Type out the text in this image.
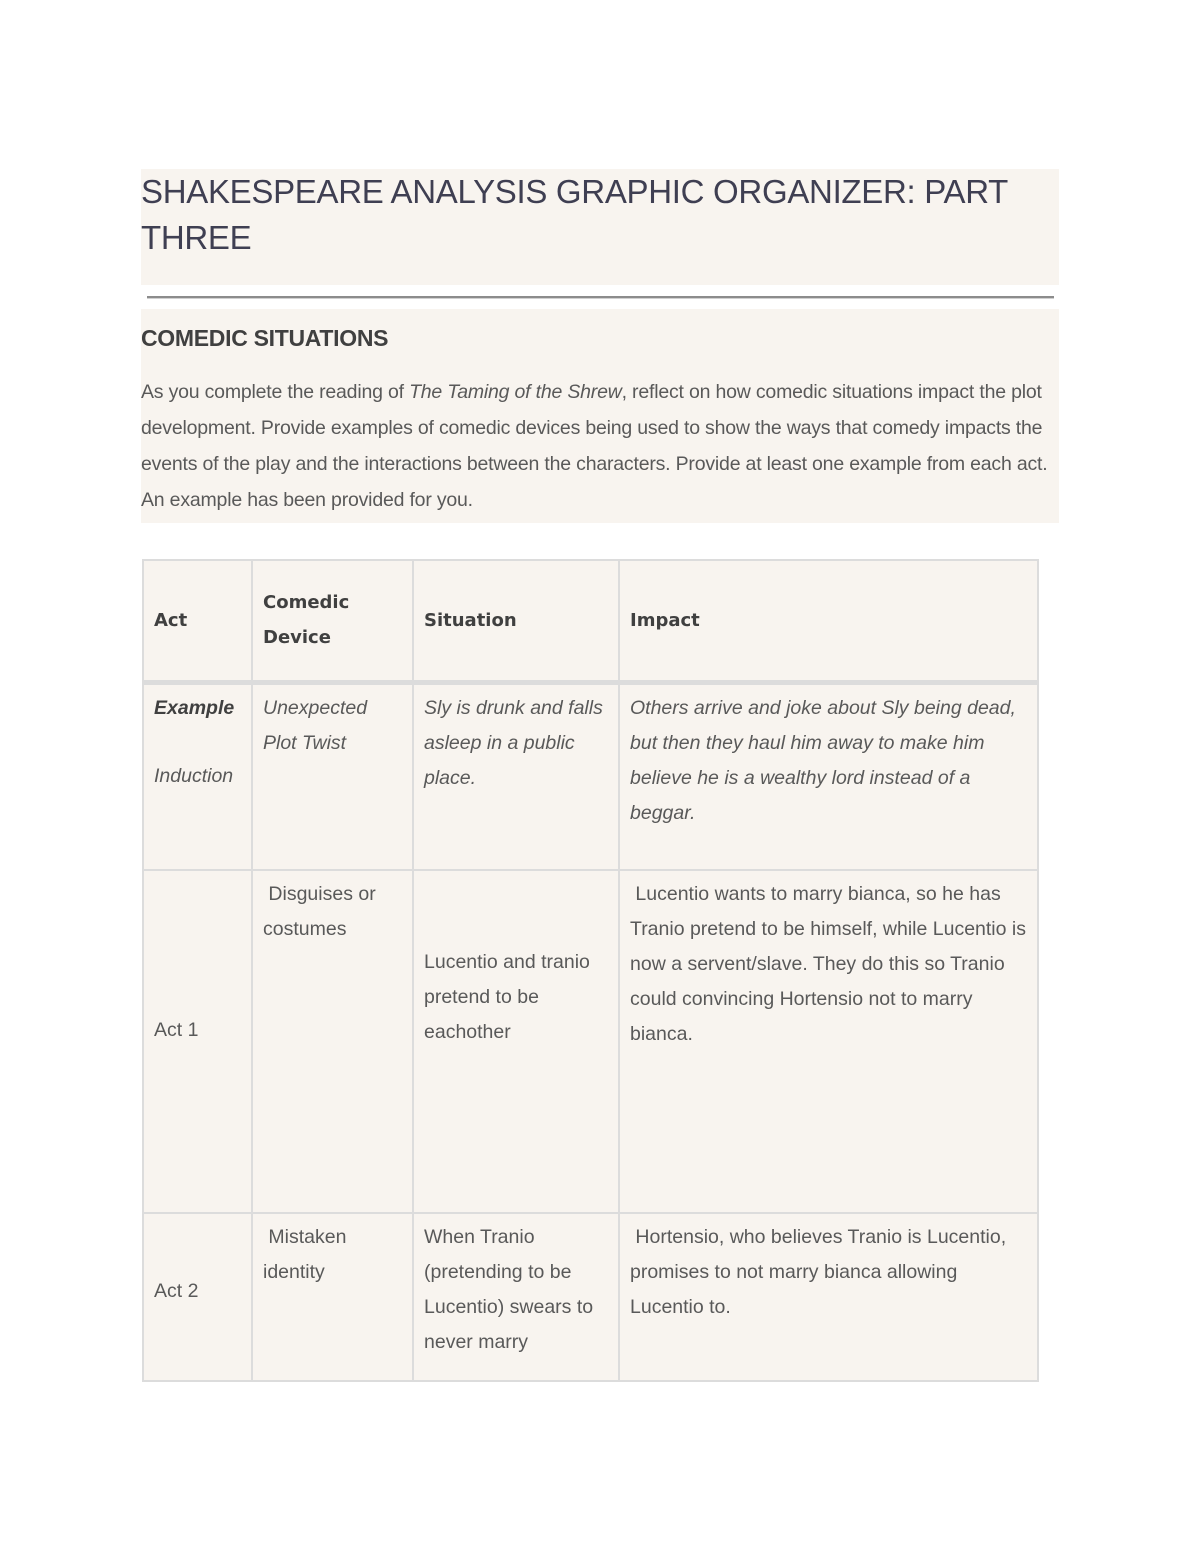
SHAKESPEARE ANALYSIS GRAPHIC ORGANIZER: PART THREE
COMEDIC SITUATIONS

As you complete the reading of The Taming of the Shrew, reflect on how comedic situations impact the plot development. Provide examples of comedic devices being used to show the ways that comedy impacts the events of the play and the interactions between the characters. Provide at least one example from each act. An example has been provided for you.

Act	Comedic Device	Situation	Impact

Example
Induction	Unexpected Plot Twist	Sly is drunk and falls asleep in a public place.	Others arrive and joke about Sly being dead, but then they haul him away to make him believe he is a wealthy lord instead of a beggar.

Act 1	Disguises or costumes	Lucentio and tranio pretend to be eachother	Lucentio wants to marry bianca, so he has Tranio pretend to be himself, while Lucentio is now a servent/slave. They do this so Tranio could convincing Hortensio not to marry bianca.

Act 2	Mistaken identity	When Tranio (pretending to be Lucentio) swears to never marry	Hortensio, who believes Tranio is Lucentio, promises to not marry bianca allowing Lucentio to.
